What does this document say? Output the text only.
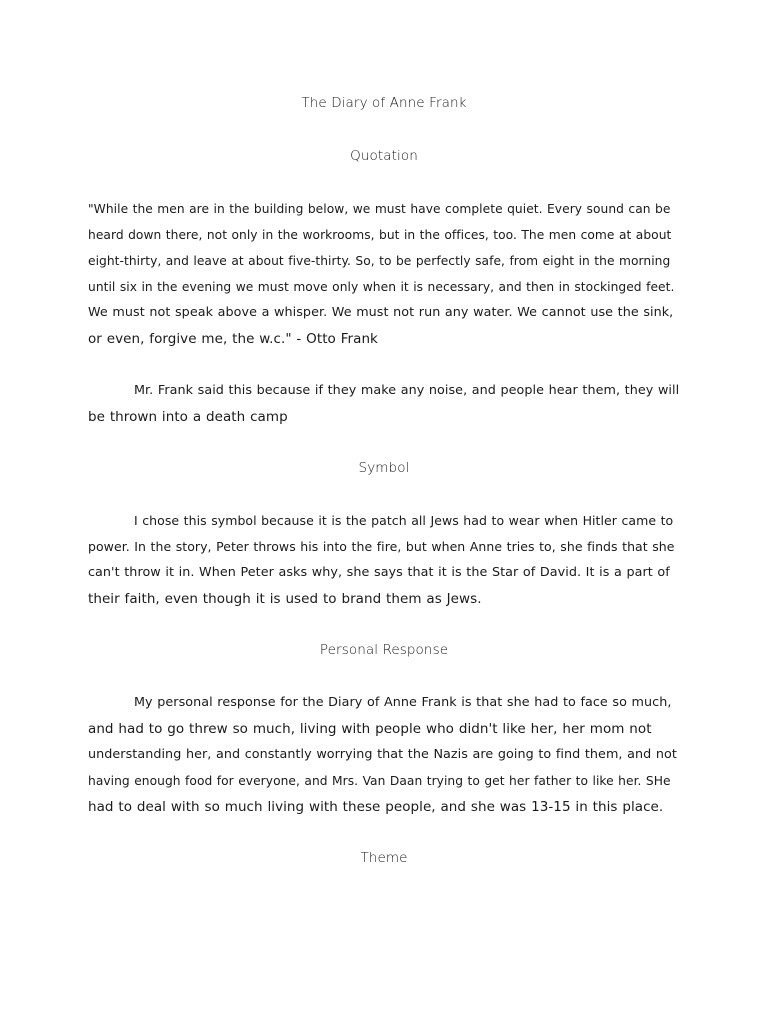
The Diary of Anne Frank
Quotation
"While the men are in the building below, we must have complete quiet. Every sound can be
heard down there, not only in the workrooms, but in the offices, too. The men come at about
eight-thirty, and leave at about five-thirty. So, to be perfectly safe, from eight in the morning
until six in the evening we must move only when it is necessary, and then in stockinged feet.
We must not speak above a whisper. We must not run any water. We cannot use the sink,
or even, forgive me, the w.c." - Otto Frank
Mr. Frank said this because if they make any noise, and people hear them, they will
be thrown into a death camp
Symbol
I chose this symbol because it is the patch all Jews had to wear when Hitler came to
power. In the story, Peter throws his into the fire, but when Anne tries to, she finds that she
can't throw it in. When Peter asks why, she says that it is the Star of David. It is a part of
their faith, even though it is used to brand them as Jews.
Personal Response
My personal response for the Diary of Anne Frank is that she had to face so much,
and had to go threw so much, living with people who didn't like her, her mom not
understanding her, and constantly worrying that the Nazis are going to find them, and not
having enough food for everyone, and Mrs. Van Daan trying to get her father to like her. SHe
had to deal with so much living with these people, and she was 13-15 in this place.
Theme
